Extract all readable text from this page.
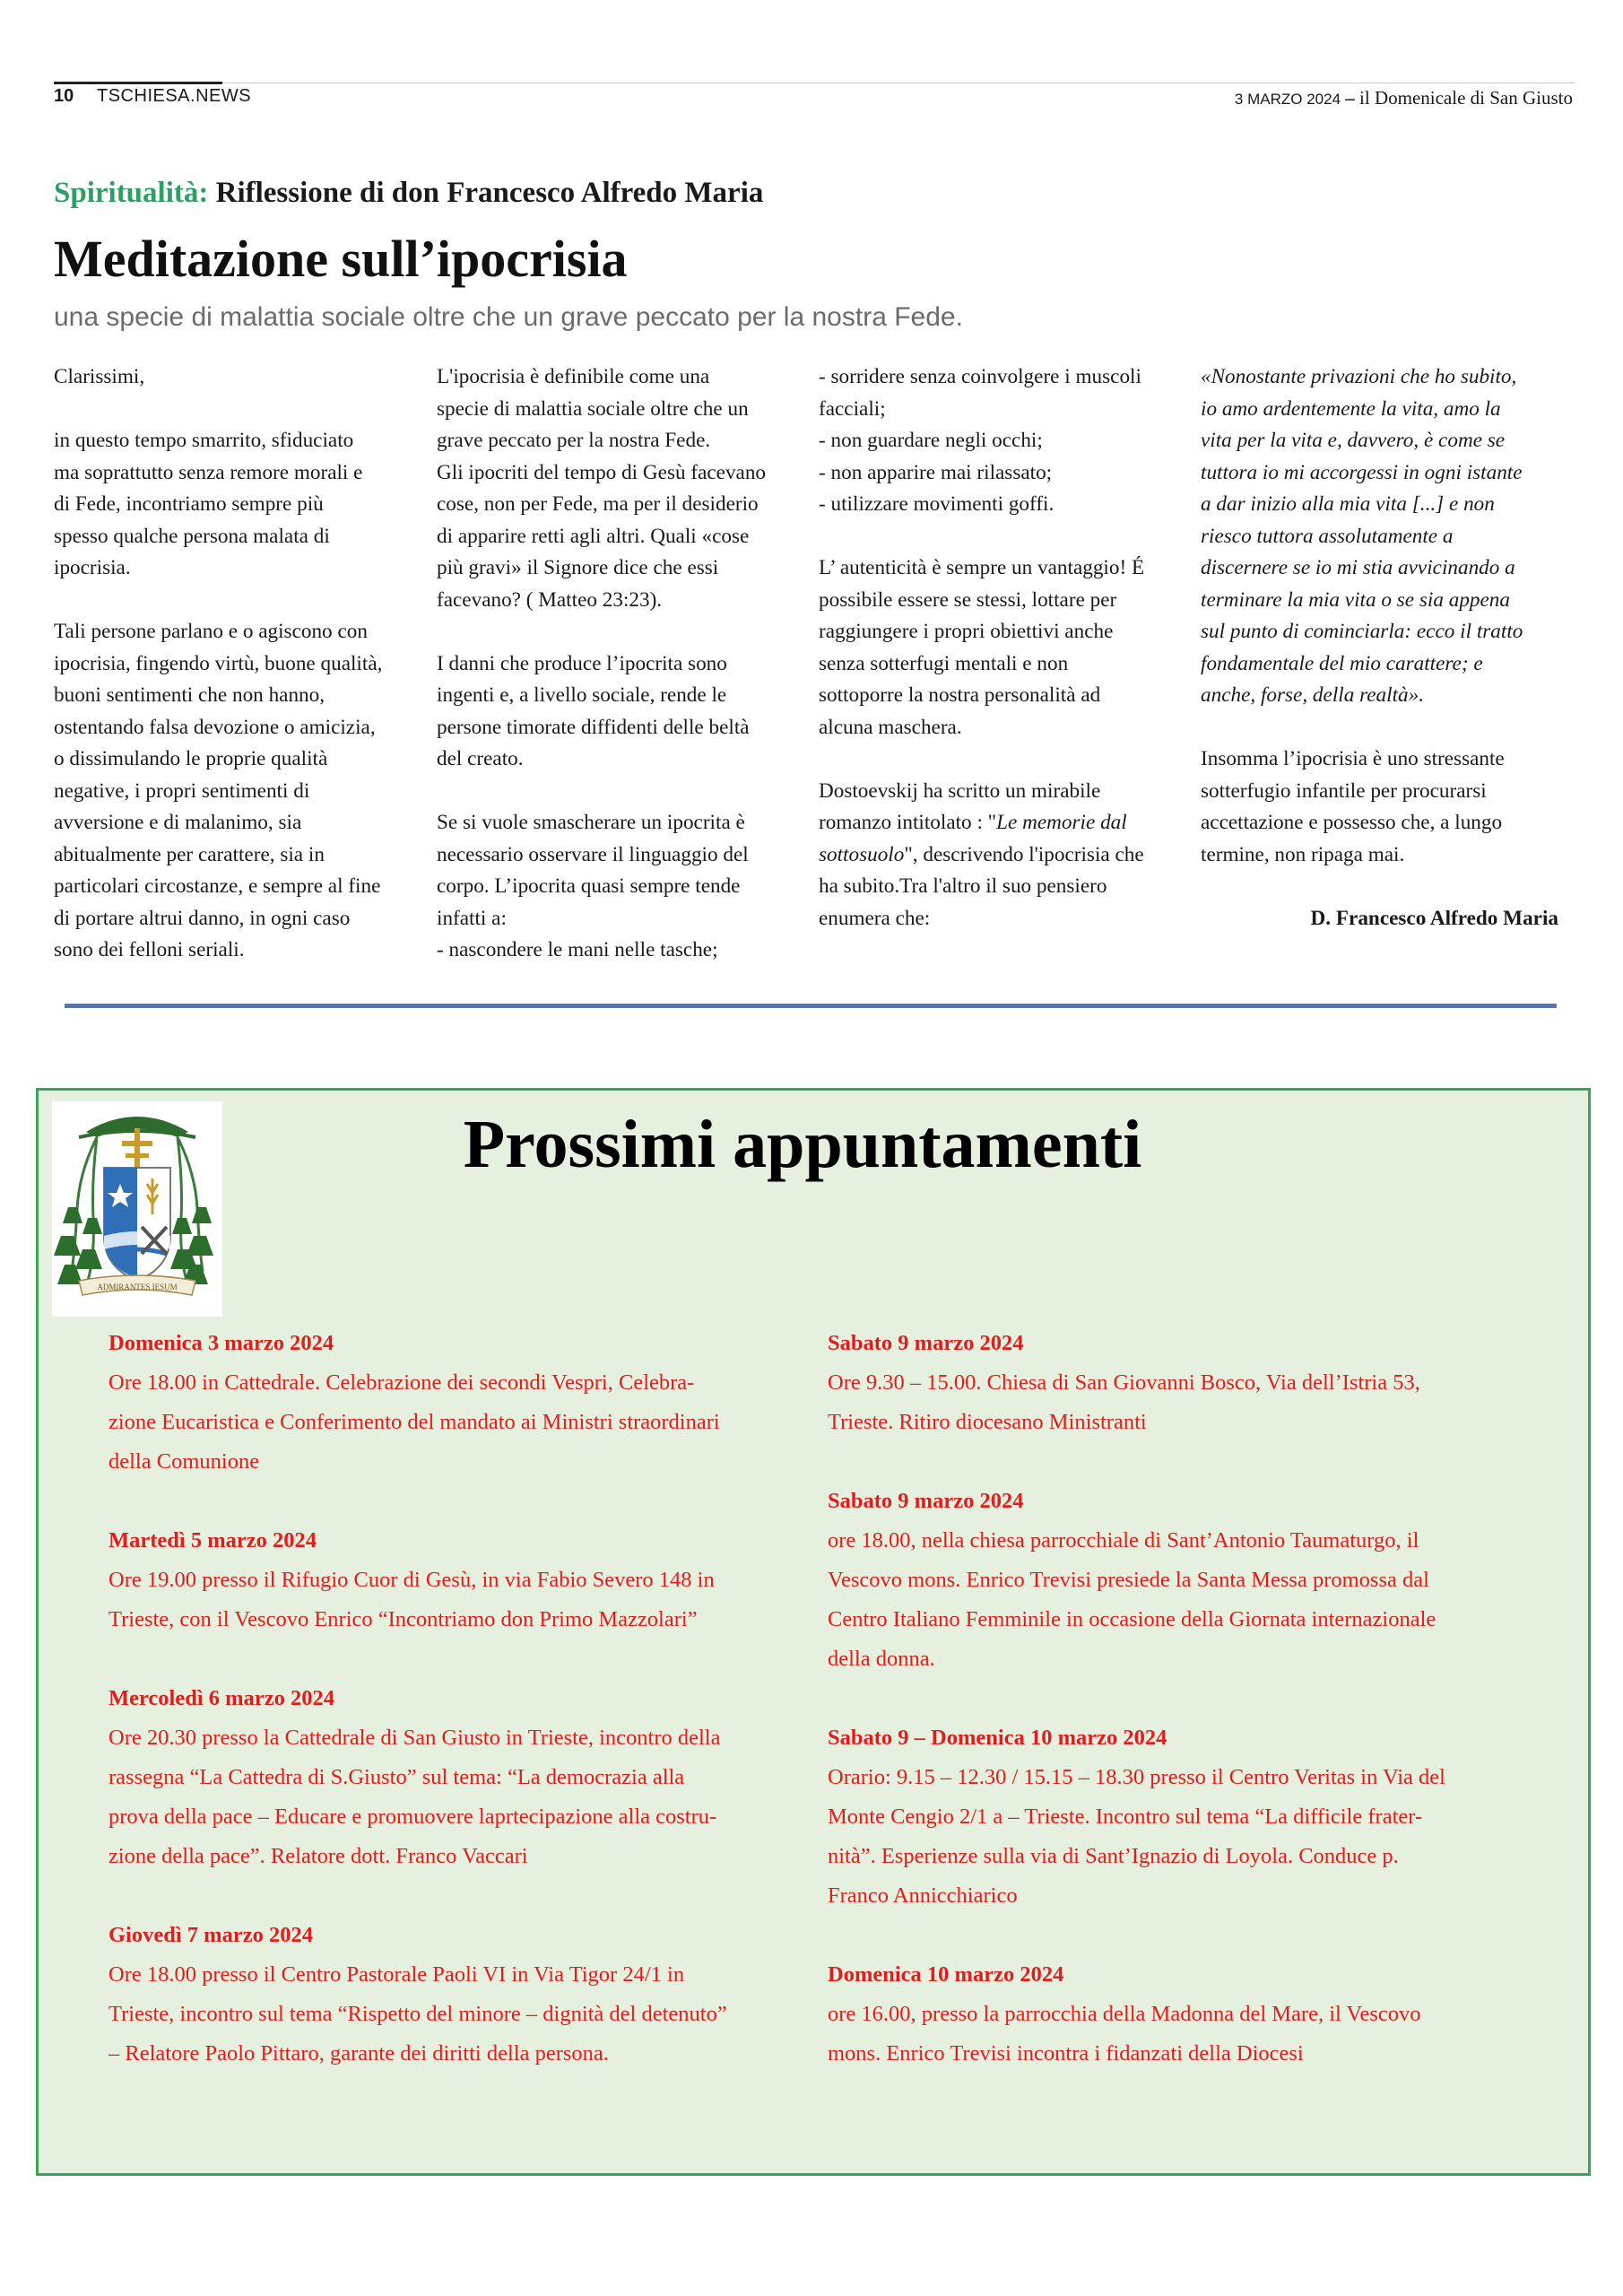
10 TSCHIESA.NEWS	3 MARZO 2024 – il Domenicale di San Giusto
Spiritualità: Riflessione di don Francesco Alfredo Maria
Meditazione sull’ipocrisia
una specie di malattia sociale oltre che un grave peccato per la nostra Fede.

Clarissimi,

in questo tempo smarrito, sfiduciato
ma soprattutto senza remore morali e
di Fede, incontriamo sempre più
spesso qualche persona malata di
ipocrisia.

Tali persone parlano e o agiscono con
ipocrisia, fingendo virtù, buone qualità,
buoni sentimenti che non hanno,
ostentando falsa devozione o amicizia,
o dissimulando le proprie qualità
negative, i propri sentimenti di
avversione e di malanimo, sia
abitualmente per carattere, sia in
particolari circostanze, e sempre al fine
di portare altrui danno, in ogni caso
sono dei felloni seriali.

L'ipocrisia è definibile come una
specie di malattia sociale oltre che un
grave peccato per la nostra Fede.
Gli ipocriti del tempo di Gesù facevano
cose, non per Fede, ma per il desiderio
di apparire retti agli altri. Quali «cose
più gravi» il Signore dice che essi
facevano? ( Matteo 23:23).

I danni che produce l’ipocrita sono
ingenti e, a livello sociale, rende le
persone timorate diffidenti delle beltà
del creato.

Se si vuole smascherare un ipocrita è
necessario osservare il linguaggio del
corpo. L’ipocrita quasi sempre tende
infatti a:
- nascondere le mani nelle tasche;

- sorridere senza coinvolgere i muscoli
facciali;
- non guardare negli occhi;
- non apparire mai rilassato;
- utilizzare movimenti goffi.

L’ autenticità è sempre un vantaggio! É
possibile essere se stessi, lottare per
raggiungere i propri obiettivi anche
senza sotterfugi mentali e non
sottoporre la nostra personalità ad
alcuna maschera.

Dostoevskij ha scritto un mirabile
romanzo intitolato : "Le memorie dal
sottosuolo", descrivendo l'ipocrisia che
ha subito.Tra l'altro il suo pensiero
enumera che:

«Nonostante privazioni che ho subito,
io amo ardentemente la vita, amo la
vita per la vita e, davvero, è come se
tuttora io mi accorgessi in ogni istante
a dar inizio alla mia vita [...] e non
riesco tuttora assolutamente a
discernere se io mi stia avvicinando a
terminare la mia vita o se sia appena
sul punto di cominciarla: ecco il tratto
fondamentale del mio carattere; e
anche, forse, della realtà».

Insomma l’ipocrisia è uno stressante
sotterfugio infantile per procurarsi
accettazione e possesso che, a lungo
termine, non ripaga mai.

D. Francesco Alfredo Maria
ADMIRANTES IESUM
Prossimi appuntamenti
Domenica 3 marzo 2024
Ore 18.00 in Cattedrale. Celebrazione dei secondi Vespri, Celebra-
zione Eucaristica e Conferimento del mandato ai Ministri straordinari
della Comunione
Martedì 5 marzo 2024
Ore 19.00 presso il Rifugio Cuor di Gesù, in via Fabio Severo 148 in
Trieste, con il Vescovo Enrico “Incontriamo don Primo Mazzolari”
Mercoledì 6 marzo 2024
Ore 20.30 presso la Cattedrale di San Giusto in Trieste, incontro della
rassegna “La Cattedra di S.Giusto” sul tema: “La democrazia alla
prova della pace – Educare e promuovere laprtecipazione alla costru-
zione della pace”. Relatore dott. Franco Vaccari
Giovedì 7 marzo 2024
Ore 18.00 presso il Centro Pastorale Paoli VI in Via Tigor 24/1 in
Trieste, incontro sul tema “Rispetto del minore – dignità del detenuto”
– Relatore Paolo Pittaro, garante dei diritti della persona.
Sabato 9 marzo 2024
Ore 9.30 – 15.00. Chiesa di San Giovanni Bosco, Via dell’Istria 53,
Trieste. Ritiro diocesano Ministranti
Sabato 9 marzo 2024
ore 18.00, nella chiesa parrocchiale di Sant’Antonio Taumaturgo, il
Vescovo mons. Enrico Trevisi presiede la Santa Messa promossa dal
Centro Italiano Femminile in occasione della Giornata internazionale
della donna.
Sabato 9 – Domenica 10 marzo 2024
Orario: 9.15 – 12.30 / 15.15 – 18.30 presso il Centro Veritas in Via del
Monte Cengio 2/1 a – Trieste. Incontro sul tema “La difficile frater-
nità”. Esperienze sulla via di Sant’Ignazio di Loyola. Conduce p.
Franco Annicchiarico
Domenica 10 marzo 2024
ore 16.00, presso la parrocchia della Madonna del Mare, il Vescovo
mons. Enrico Trevisi incontra i fidanzati della Diocesi
